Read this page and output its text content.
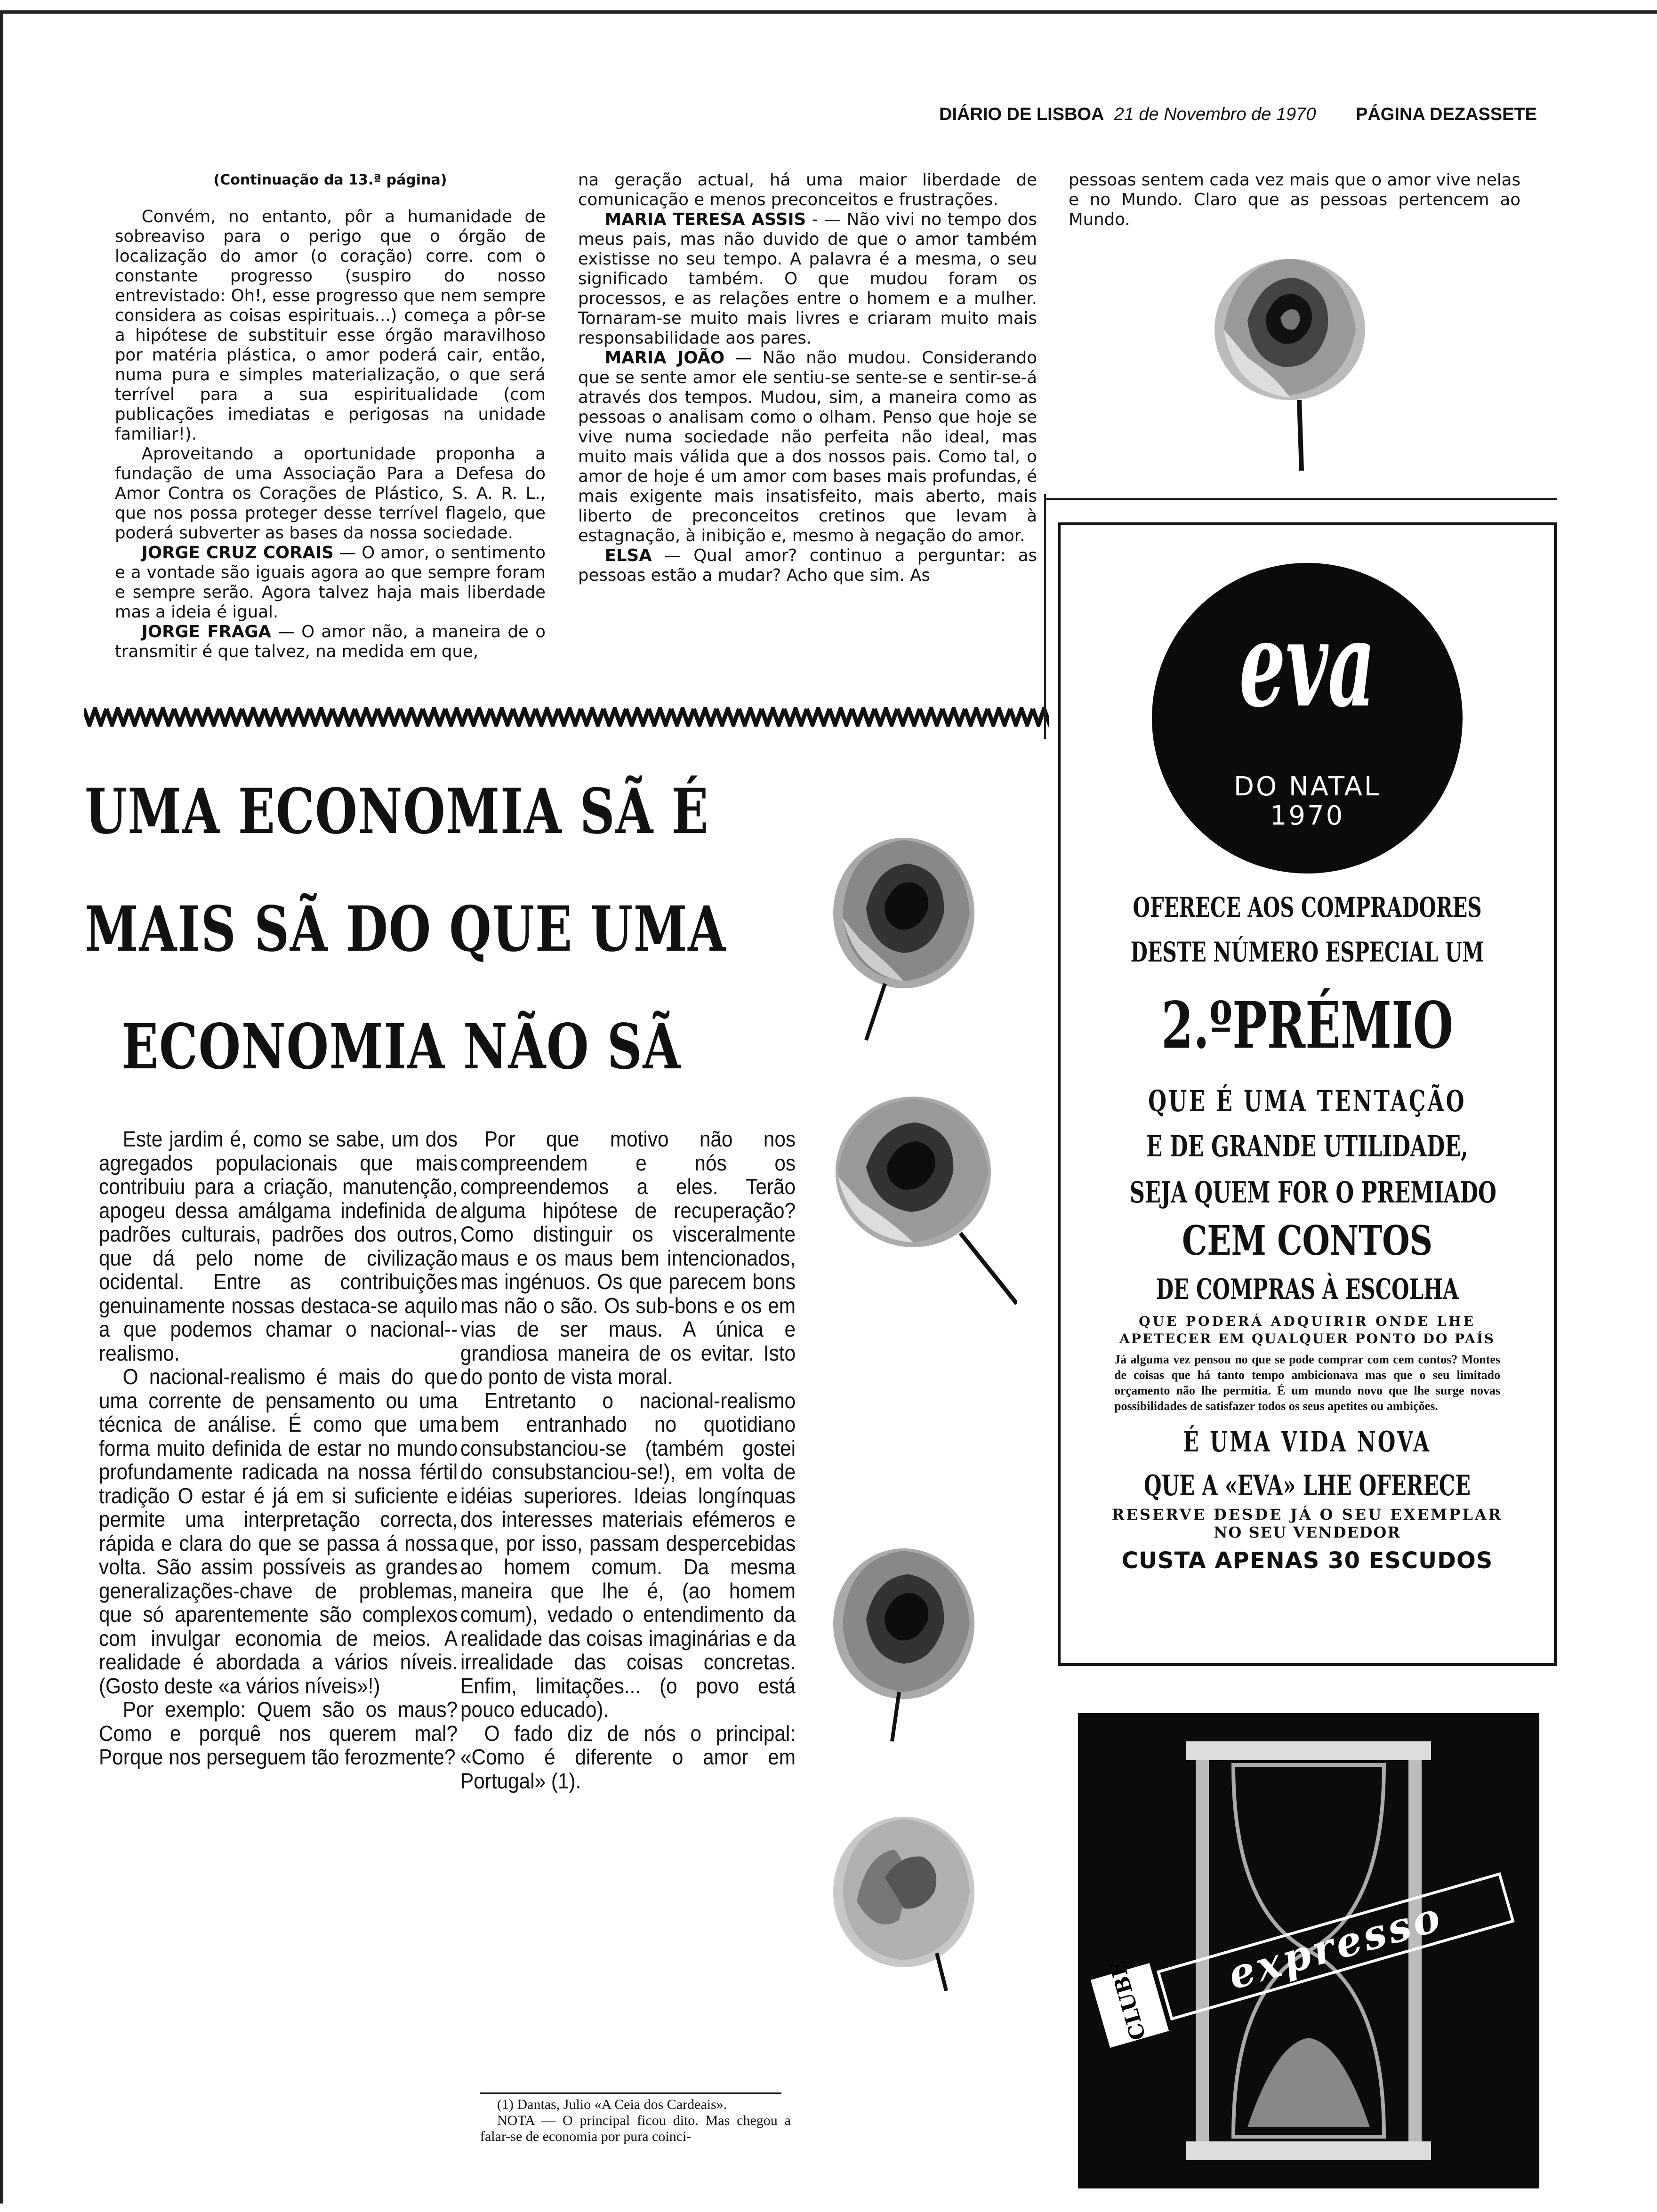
DIÁRIO DE LISBOA 21 de Novembro de 1970 PÁGINA DEZASSETE

(Continuação da 13.ª página)

Convém, no entanto, pôr a humanidade de sobreaviso para o perigo que o órgão de localização do amor (o coração) corre. com o constante progresso (suspiro do nosso entrevistado: Oh!, esse progresso que nem sempre considera as coisas espirituais...) começa a pôr-se a hipótese de substituir esse órgão maravilhoso por matéria plástica, o amor poderá cair, então, numa pura e simples materialização, o que será terrível para a sua espiritualidade (com publicações imediatas e perigosas na unidade familiar!).

Aproveitando a oportunidade proponha a fundação de uma Associação Para a Defesa do Amor Contra os Corações de Plástico, S. A. R. L., que nos possa proteger desse terrível flagelo, que poderá subverter as bases da nossa sociedade.

JORGE CRUZ CORAIS — O amor, o sentimento e a vontade são iguais agora ao que sempre foram e sempre serão. Agora talvez haja mais liberdade mas a ideia é igual.

JORGE FRAGA — O amor não, a maneira de o transmitir é que talvez, na medida em que,

na geração actual, há uma maior liberdade de comunicação e menos preconceitos e frustrações.

MARIA TERESA ASSIS - — Não vivi no tempo dos meus pais, mas não duvido de que o amor também existisse no seu tempo. A palavra é a mesma, o seu significado também. O que mudou foram os processos, e as relações entre o homem e a mulher. Tornaram-se muito mais livres e criaram muito mais responsabilidade aos pares.

MARIA JOÃO — Não não mudou. Considerando que se sente amor ele sentiu-se sente-se e sentir-se-á através dos tempos. Mudou, sim, a maneira como as pessoas o analisam como o olham. Penso que hoje se vive numa sociedade não perfeita não ideal, mas muito mais válida que a dos nossos pais. Como tal, o amor de hoje é um amor com bases mais profundas, é mais exigente mais insatisfeito, mais aberto, mais liberto de preconceitos cretinos que levam à estagnação, à inibição e, mesmo à negação do amor.

ELSA — Qual amor? continuo a perguntar: as pessoas estão a mudar? Acho que sim. As

pessoas sentem cada vez mais que o amor vive nelas e no Mundo. Claro que as pessoas pertencem ao Mundo.

UMA ECONOMIA SÃ É
MAIS SÃ DO QUE UMA
ECONOMIA NÃO SÃ

Este jardim é, como se sabe, um dos agregados populacionais que mais contribuiu para a criação, manutenção, apogeu dessa amálgama indefinida de padrões culturais, padrões dos outros, que dá pelo nome de civilização ocidental. Entre as contribuições genuinamente nossas destaca-se aquilo a que podemos chamar o nacional--realismo.

O nacional-realismo é mais do que uma corrente de pensamento ou uma técnica de análise. É como que uma forma muito definida de estar no mundo profundamente radicada na nossa fértil tradição O estar é já em si suficiente e permite uma interpretação correcta, rápida e clara do que se passa á nossa volta. São assim possíveis as grandes generalizações-chave de problemas, que só aparentemente são complexos com invulgar economia de meios. A realidade é abordada a vários níveis. (Gosto deste «a vários níveis»!)

Por exemplo: Quem são os maus? Como e porquê nos querem mal? Porque nos perseguem tão ferozmente?

Por que motivo não nos compreendem e nós os compreendemos a eles. Terão alguma hipótese de recuperação? Como distinguir os visceralmente maus e os maus bem intencionados, mas ingénuos. Os que parecem bons mas não o são. Os sub-bons e os em vias de ser maus. A única e grandiosa maneira de os evitar. Isto do ponto de vista moral.

Entretanto o nacional-realismo bem entranhado no quotidiano consubstanciou-se (também gostei do consubstanciou-se!), em volta de idéias superiores. Ideias longínquas dos interesses materiais efémeros e que, por isso, passam despercebidas ao homem comum. Da mesma maneira que lhe é, (ao homem comum), vedado o entendimento da realidade das coisas imaginárias e da irrealidade das coisas concretas. Enfim, limitações... (o povo está pouco educado).

O fado diz de nós o principal: «Como é diferente o amor em Portugal» (1).

(1) Dantas, Julio «A Ceia dos Cardeais».

NOTA — O principal ficou dito. Mas chegou a falar-se de economia por pura coinci-

eva
DO NATAL
1970
OFERECE AOS COMPRADORES
DESTE NÚMERO ESPECIAL UM
2.ºPRÉMIO
QUE É UMA TENTAÇÃO
E DE GRANDE UTILIDADE,
SEJA QUEM FOR O PREMIADO
CEM CONTOS
DE COMPRAS À ESCOLHA
QUE PODERÁ ADQUIRIR ONDE LHE
APETECER EM QUALQUER PONTO DO PAÍS
Já alguma vez pensou no que se pode comprar com cem contos? Montes de coisas que há tanto tempo ambicionava mas que o seu limitado orçamento não lhe permitia. É um mundo novo que lhe surge novas possibilidades de satisfazer todos os seus apetites ou ambições.
É UMA VIDA NOVA
QUE A «EVA» LHE OFERECE
RESERVE DESDE JÁ O SEU EXEMPLAR
NO SEU VENDEDOR
CUSTA APENAS 30 ESCUDOS
CLUBE
expresso
